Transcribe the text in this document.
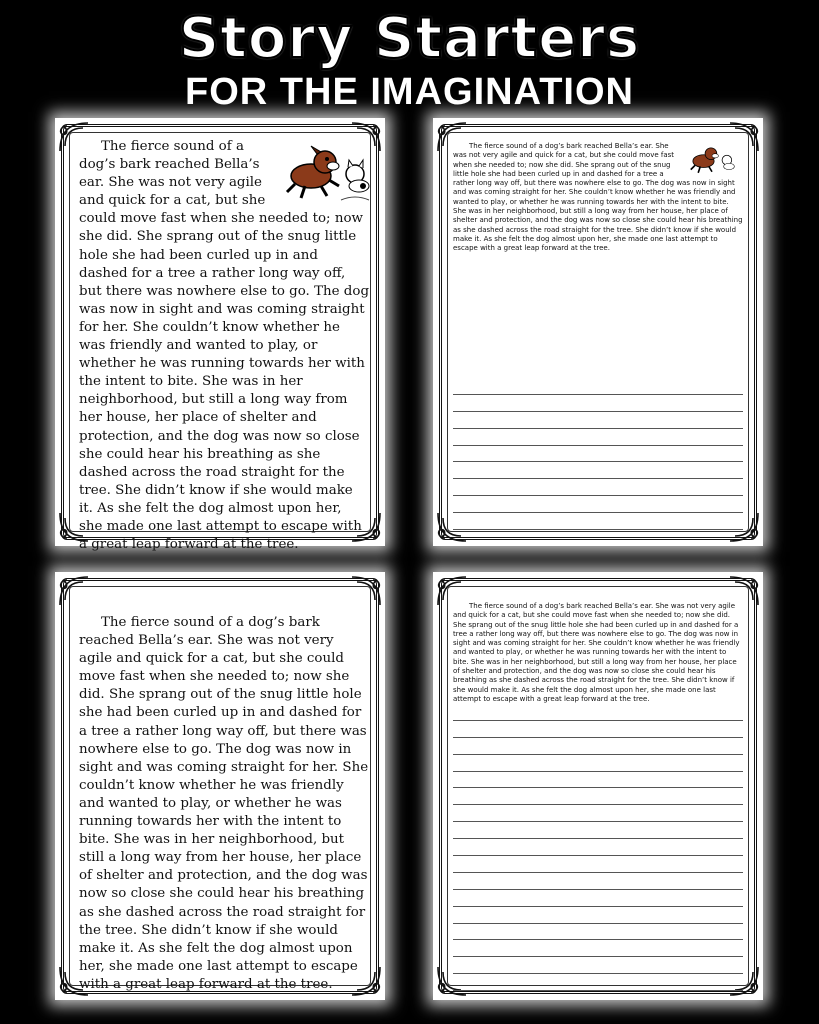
Story Starters
FOR THE IMAGINATION
The fierce sound of a dog’s bark reached Bella’s ear. She was not very agile and quick for a cat, but she could move fast when she needed to; now she did. She sprang out of the snug little hole she had been curled up in and dashed for a tree a rather long way off, but there was nowhere else to go. The dog was now in sight and was coming straight for her. She couldn’t know whether he was friendly and wanted to play, or whether he was running towards her with the intent to bite. She was in her neighborhood, but still a long way from her house, her place of shelter and protection, and the dog was now so close she could hear his breathing as she dashed across the road straight for the tree. She didn’t know if she would make it. As she felt the dog almost upon her, she made one last attempt to escape with a great leap forward at the tree.
The fierce sound of a dog’s bark reached Bella’s ear. She was not very agile and quick for a cat, but she could move fast when she needed to; now she did. She sprang out of the snug little hole she had been curled up in and dashed for a tree a rather long way off, but there was nowhere else to go. The dog was now in sight and was coming straight for her. She couldn’t know whether he was friendly and wanted to play, or whether he was running towards her with the intent to bite. She was in her neighborhood, but still a long way from her house, her place of shelter and protection, and the dog was now so close she could hear his breathing as she dashed across the road straight for the tree. She didn’t know if she would make it. As she felt the dog almost upon her, she made one last attempt to escape with a great leap forward at the tree.
The fierce sound of a dog’s bark reached Bella’s ear. She was not very agile and quick for a cat, but she could move fast when she needed to; now she did. She sprang out of the snug little hole she had been curled up in and dashed for a tree a rather long way off, but there was nowhere else to go. The dog was now in sight and was coming straight for her. She couldn’t know whether he was friendly and wanted to play, or whether he was running towards her with the intent to bite. She was in her neighborhood, but still a long way from her house, her place of shelter and protection, and the dog was now so close she could hear his breathing as she dashed across the road straight for the tree. She didn’t know if she would make it. As she felt the dog almost upon her, she made one last attempt to escape with a great leap forward at the tree.
The fierce sound of a dog’s bark reached Bella’s ear. She was not very agile and quick for a cat, but she could move fast when she needed to; now she did. She sprang out of the snug little hole she had been curled up in and dashed for a tree a rather long way off, but there was nowhere else to go. The dog was now in sight and was coming straight for her. She couldn’t know whether he was friendly and wanted to play, or whether he was running towards her with the intent to bite. She was in her neighborhood, but still a long way from her house, her place of shelter and protection, and the dog was now so close she could hear his breathing as she dashed across the road straight for the tree. She didn’t know if she would make it. As she felt the dog almost upon her, she made one last attempt to escape with a great leap forward at the tree.
